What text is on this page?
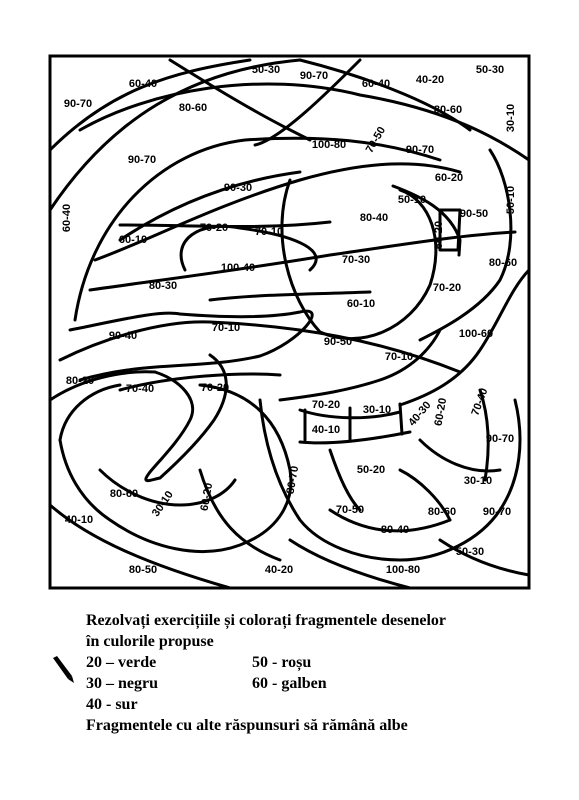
50-30 90-70
60-40 40-20
50-30
60-40
90-70	80-60	80-60	30-10
100-80 70-50 90-70
90-70
60-20
90-30
50-10	50-10
60-40	80-40
60-20
90-50
70-20 70-10
60-10
100-40
70-30	80-60
80-30	70-20
60-10
90-40
70-10
90-50
100-60
70-10
80-20
70-40	70-20
70-20
40-10
30-10 40-30
60-20 70-40
90-70
80-60 30-10 60-20
50-20
80-70	30-10
40-10
70-50
80-40
80-60 90-70
50-30
80-50	40-20	100-80
Rezolvați exercițiile și colorați fragmentele desenelor
în culorile propuse
20 – verde	50 - roșu
30 – negru	60 - galben
40 - sur
Fragmentele cu alte răspunsuri să rămână albe
